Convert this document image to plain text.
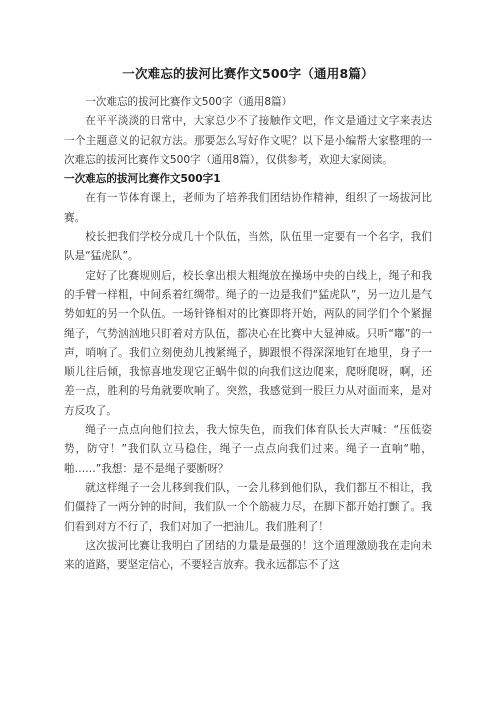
一次难忘的拔河比赛作文500字（通用8篇）

一次难忘的拔河比赛作文500字（通用8篇）

在平平淡淡的日常中，大家总少不了接触作文吧，作文是通过文字来表达一个主题意义的记叙方法。那要怎么写好作文呢？以下是小编帮大家整理的一次难忘的拔河比赛作文500字（通用8篇），仅供参考，欢迎大家阅读。

一次难忘的拔河比赛作文500字1

在有一节体育课上，老师为了培养我们团结协作精神，组织了一场拔河比赛。

校长把我们学校分成几十个队伍，当然，队伍里一定要有一个名字，我们队是“猛虎队”。

定好了比赛规则后，校长拿出根大粗绳放在操场中央的白线上，绳子和我的手臂一样粗，中间系着红绸带。绳子的一边是我们“猛虎队”，另一边儿是气势如虹的另一个队伍。一场针锋相对的比赛即将开始，两队的同学们个个紧握绳子，气势汹汹地只盯着对方队伍，都决心在比赛中大显神威。只听“嘟”的一声，哨响了。我们立刻使劲儿拽紧绳子，脚跟恨不得深深地钉在地里，身子一顺儿往后倾，我惊喜地发现它正蜗牛似的向我们这边爬来，爬呀爬呀，啊，还差一点，胜利的号角就要吹响了。突然，我感觉到一股巨力从对面而来，是对方反攻了。

绳子一点点向他们拉去，我大惊失色，而我们体育队长大声喊：“压低姿势，防守！”我们队立马稳住，绳子一点点向我们过来。绳子一直响“啪，啪……”我想：是不是绳子要断呀？

就这样绳子一会儿移到我们队，一会儿移到他们队，我们都互不相让，我们僵持了一两分钟的时间，我们队一个个筋疲力尽，在脚下都开始打颤了。我们看到对方不行了，我们对加了一把油儿。我们胜利了！

这次拔河比赛让我明白了团结的力量是最强的！这个道理激励我在走向未来的道路，要坚定信心，不要轻言放弃。我永远都忘不了这
